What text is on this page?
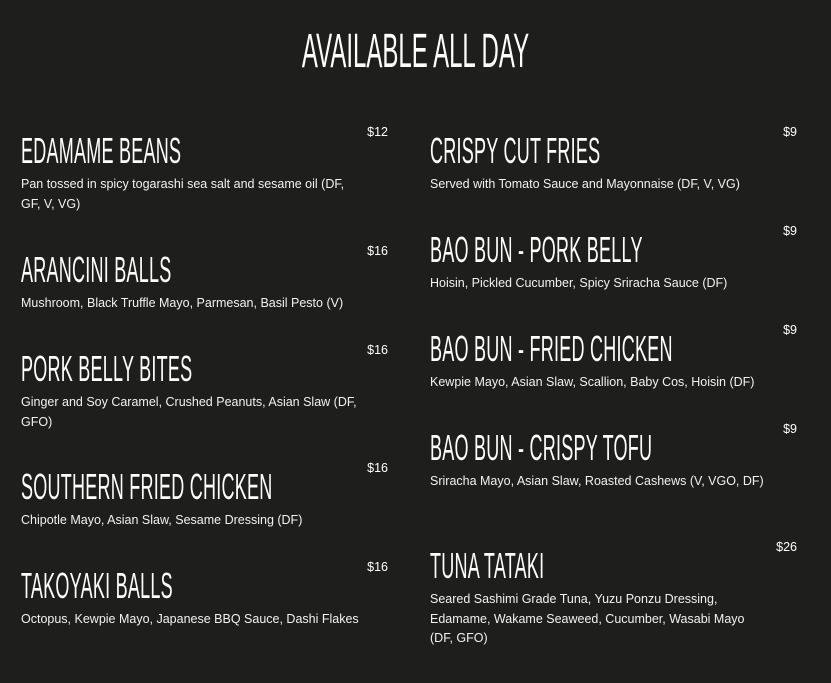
AVAILABLE ALL DAY
EDAMAME BEANS	$12
Pan tossed in spicy togarashi sea salt and sesame oil (DF, GF, V, VG)
ARANCINI BALLS	$16
Mushroom, Black Truffle Mayo, Parmesan, Basil Pesto (V)
PORK BELLY BITES	$16
Ginger and Soy Caramel, Crushed Peanuts, Asian Slaw (DF, GFO)
SOUTHERN FRIED CHICKEN	$16
Chipotle Mayo, Asian Slaw, Sesame Dressing (DF)
TAKOYAKI BALLS	$16
Octopus, Kewpie Mayo, Japanese BBQ Sauce, Dashi Flakes
CRISPY CUT FRIES	$9
Served with Tomato Sauce and Mayonnaise (DF, V, VG)
BAO BUN - PORK BELLY	$9
Hoisin, Pickled Cucumber, Spicy Sriracha Sauce (DF)
BAO BUN - FRIED CHICKEN	$9
Kewpie Mayo, Asian Slaw, Scallion, Baby Cos, Hoisin (DF)
BAO BUN - CRISPY TOFU	$9
Sriracha Mayo, Asian Slaw, Roasted Cashews (V, VGO, DF)
TUNA TATAKI	$26
Seared Sashimi Grade Tuna, Yuzu Ponzu Dressing, Edamame, Wakame Seaweed, Cucumber, Wasabi Mayo (DF, GFO)
